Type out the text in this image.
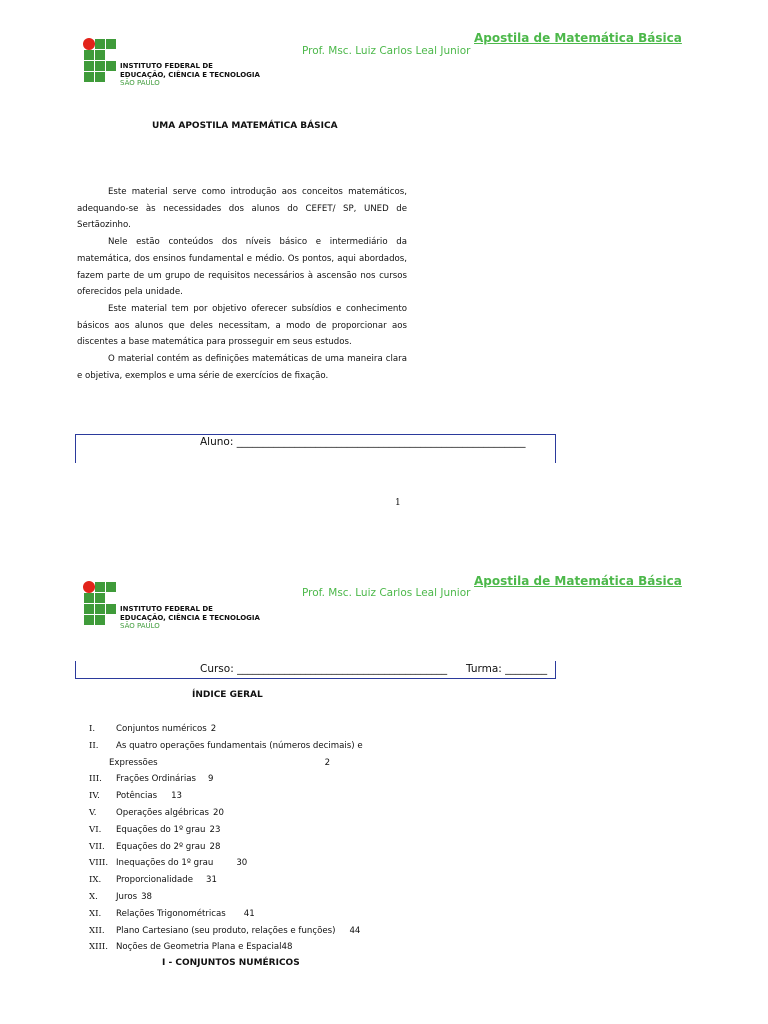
INSTITUTO FEDERAL DE
EDUCAÇÃO, CIÊNCIA E TECNOLOGIA
SÃO PAULO
Apostila de Matemática Básica
Prof. Msc. Luiz Carlos Leal Junior
UMA APOSTILA MATEMÁTICA BÁSICA

Este material serve como introdução aos conceitos matemáticos, adequando-se às necessidades dos alunos do CEFET/ SP, UNED de Sertãozinho.

Nele estão conteúdos dos níveis básico e intermediário da matemática, dos ensinos fundamental e médio. Os pontos, aqui abordados, fazem parte de um grupo de requisitos necessários à ascensão nos cursos oferecidos pela unidade.

Este material tem por objetivo oferecer subsídios e conhecimento básicos aos alunos que deles necessitam, a modo de proporcionar aos discentes a base matemática para prosseguir em seus estudos.

O material contém as definições matemáticas de uma maneira clara e objetiva, exemplos e uma série de exercícios de fixação.

Aluno: _______________________________________________________
1
INSTITUTO FEDERAL DE
EDUCAÇÃO, CIÊNCIA E TECNOLOGIA
SÃO PAULO
Apostila de Matemática Básica
Prof. Msc. Luiz Carlos Leal Junior
Curso: ________________________________________ Turma: ________
ÍNDICE GERAL
I.	Conjuntos numéricos 2
II.	As quatro operações fundamentais (números decimais) e
Expressões	2
III.	Frações Ordinárias 9
IV.	Potências 13
V.	Operações algébricas 20
VI.	Equações do 1º grau 23
VII.	Equações do 2º grau 28
VIII. Inequações do 1º grau	30
IX.	Proporcionalidade 31
X.	Juros 38
XI.	Relações Trigonométricas 41
XII.	Plano Cartesiano (seu produto, relações e funções) 44
XIII. Noções de Geometria Plana e Espacial48
I - CONJUNTOS NUMÉRICOS
